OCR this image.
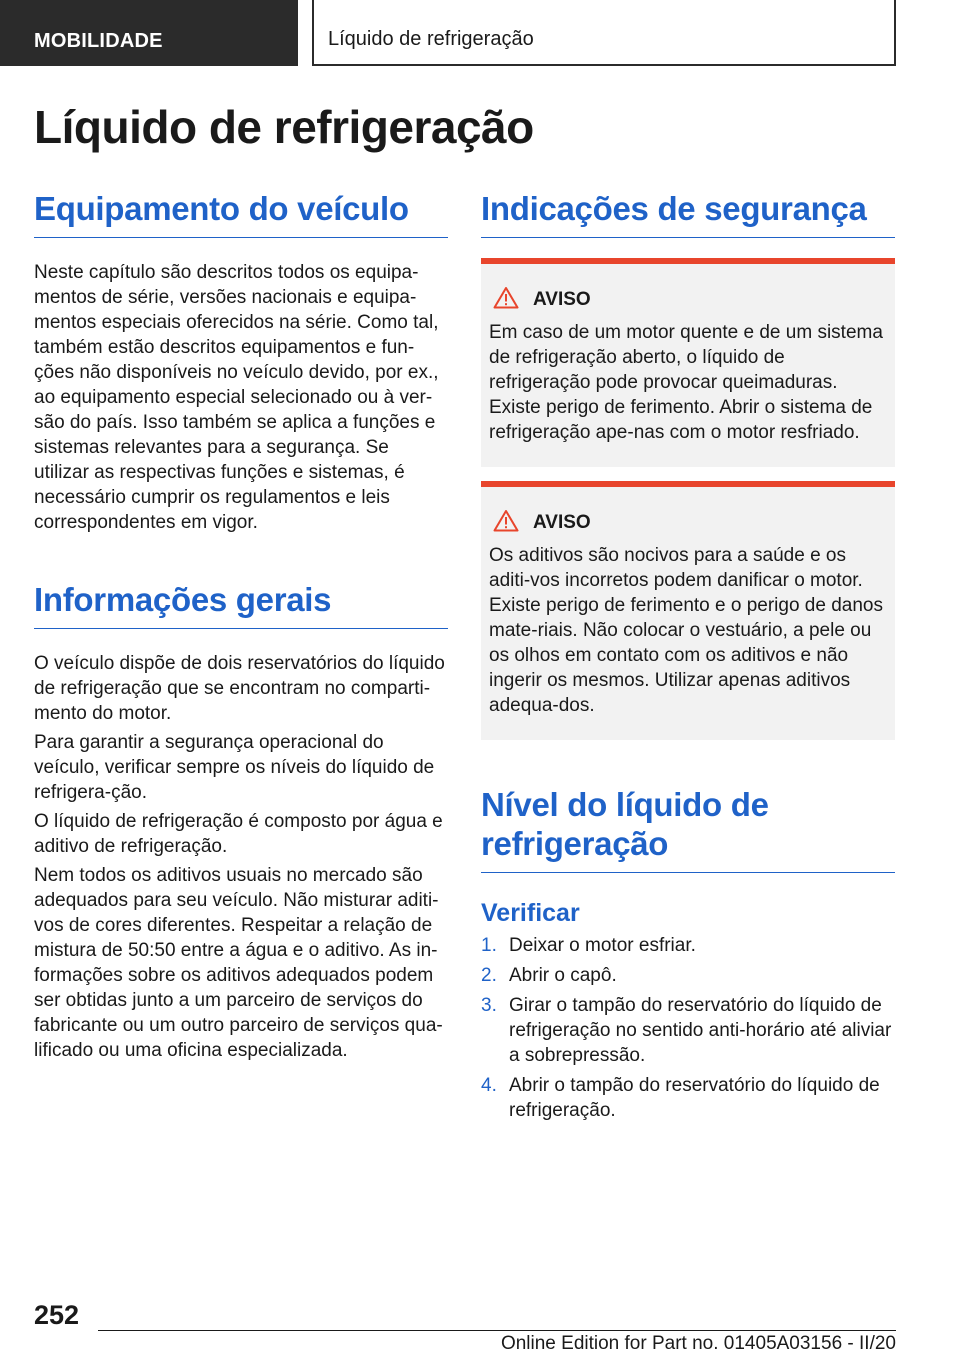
MOBILIDADE	Líquido de refrigeração
Líquido de refrigeração
Equipamento do veículo

Neste capítulo são descritos todos os equipa-mentos de série, versões nacionais e equipa-mentos especiais oferecidos na série. Como tal, também estão descritos equipamentos e fun-ções não disponíveis no veículo devido, por ex., ao equipamento especial selecionado ou à ver-são do país. Isso também se aplica a funções e sistemas relevantes para a segurança. Se utilizar as respectivas funções e sistemas, é necessário cumprir os regulamentos e leis correspondentes em vigor.

Informações gerais

O veículo dispõe de dois reservatórios do líquido de refrigeração que se encontram no comparti-mento do motor.

Para garantir a segurança operacional do veículo, verificar sempre os níveis do líquido de refrigera-ção.

O líquido de refrigeração é composto por água e aditivo de refrigeração.

Nem todos os aditivos usuais no mercado são adequados para seu veículo. Não misturar aditi-vos de cores diferentes. Respeitar a relação de mistura de 50:50 entre a água e o aditivo. As in-formações sobre os aditivos adequados podem ser obtidas junto a um parceiro de serviços do fabricante ou um outro parceiro de serviços qua-lificado ou uma oficina especializada.

Indicações de segurança
AVISO

Em caso de um motor quente e de um sistema de refrigeração aberto, o líquido de refrigeração pode provocar queimaduras. Existe perigo de ferimento. Abrir o sistema de refrigeração ape-nas com o motor resfriado.

AVISO

Os aditivos são nocivos para a saúde e os aditi-vos incorretos podem danificar o motor. Existe perigo de ferimento e o perigo de danos mate-riais. Não colocar o vestuário, a pele ou os olhos em contato com os aditivos e não ingerir os mesmos. Utilizar apenas aditivos adequa-dos.

Nível do líquido de refrigeração
Verificar
1. Deixar o motor esfriar.
2. Abrir o capô.
3. Girar o tampão do reservatório do líquido de refrigeração no sentido anti-horário até aliviar a sobrepressão.
4. Abrir o tampão do reservatório do líquido de refrigeração.
252
Online Edition for Part no. 01405A03156 - II/20
